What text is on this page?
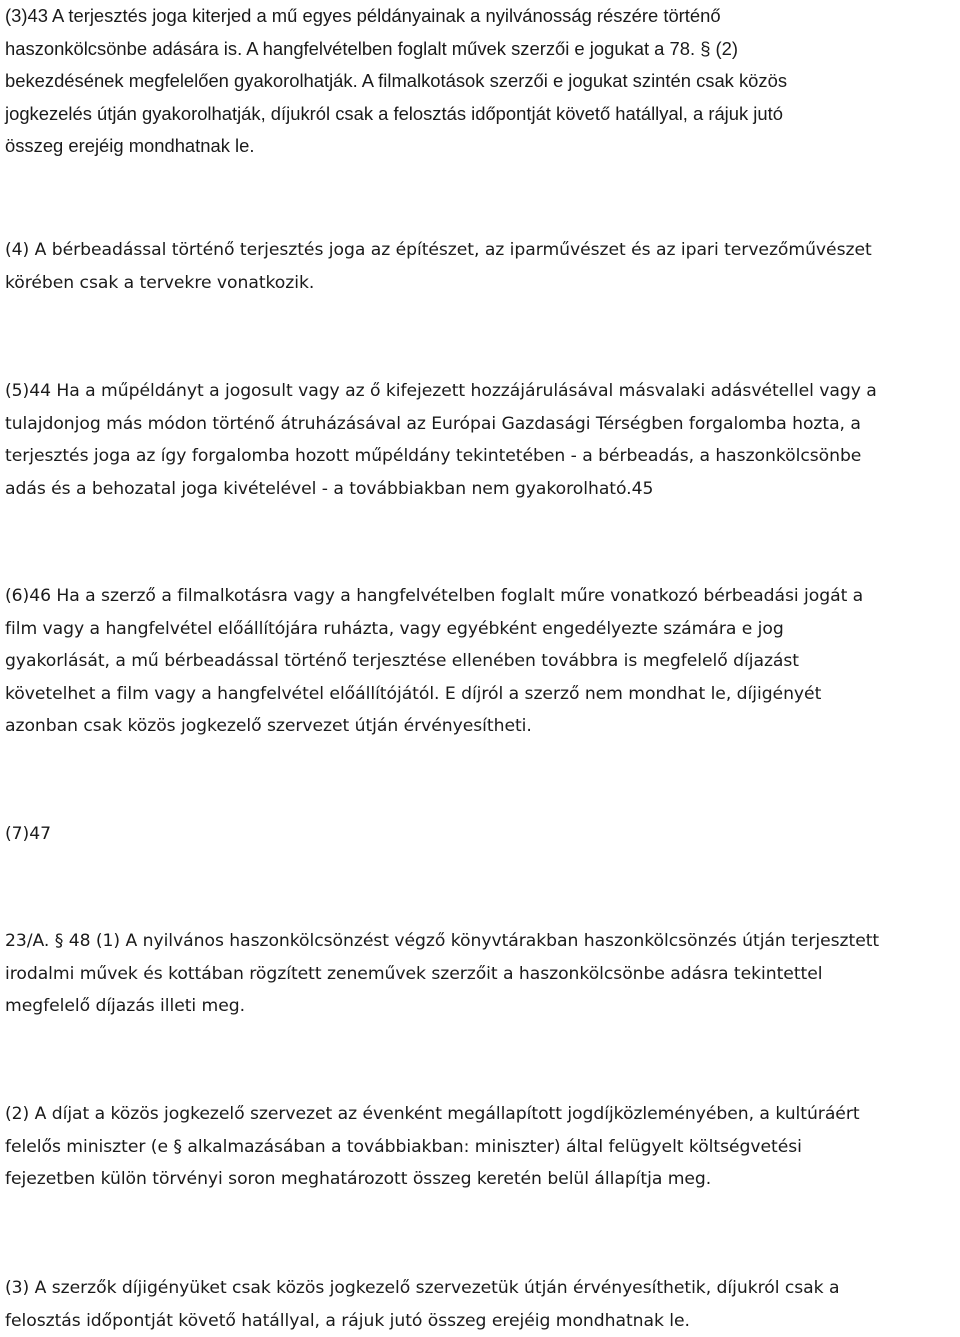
(3)43 A terjesztés joga kiterjed a mű egyes példányainak a nyilvánosság részére történő
haszonkölcsönbe adására is. A hangfelvételben foglalt művek szerzői e jogukat a 78. § (2)
bekezdésének megfelelően gyakorolhatják. A filmalkotások szerzői e jogukat szintén csak közös
jogkezelés útján gyakorolhatják, díjukról csak a felosztás időpontját követő hatállyal, a rájuk jutó
összeg erejéig mondhatnak le.

(4) A bérbeadással történő terjesztés joga az építészet, az iparművészet és az ipari tervezőművészet
körében csak a tervekre vonatkozik.

(5)44 Ha a műpéldányt a jogosult vagy az ő kifejezett hozzájárulásával másvalaki adásvétellel vagy a
tulajdonjog más módon történő átruházásával az Európai Gazdasági Térségben forgalomba hozta, a
terjesztés joga az így forgalomba hozott műpéldány tekintetében - a bérbeadás, a haszonkölcsönbe
adás és a behozatal joga kivételével - a továbbiakban nem gyakorolható.45

(6)46 Ha a szerző a filmalkotásra vagy a hangfelvételben foglalt műre vonatkozó bérbeadási jogát a
film vagy a hangfelvétel előállítójára ruházta, vagy egyébként engedélyezte számára e jog
gyakorlását, a mű bérbeadással történő terjesztése ellenében továbbra is megfelelő díjazást
követelhet a film vagy a hangfelvétel előállítójától. E díjról a szerző nem mondhat le, díjigényét
azonban csak közös jogkezelő szervezet útján érvényesítheti.

(7)47

23/A. § 48 (1) A nyilvános haszonkölcsönzést végző könyvtárakban haszonkölcsönzés útján terjesztett
irodalmi művek és kottában rögzített zeneművek szerzőit a haszonkölcsönbe adásra tekintettel
megfelelő díjazás illeti meg.

(2) A díjat a közös jogkezelő szervezet az évenként megállapított jogdíjközleményében, a kultúráért
felelős miniszter (e § alkalmazásában a továbbiakban: miniszter) által felügyelt költségvetési
fejezetben külön törvényi soron meghatározott összeg keretén belül állapítja meg.

(3) A szerzők díjigényüket csak közös jogkezelő szervezetük útján érvényesíthetik, díjukról csak a
felosztás időpontját követő hatállyal, a rájuk jutó összeg erejéig mondhatnak le.
